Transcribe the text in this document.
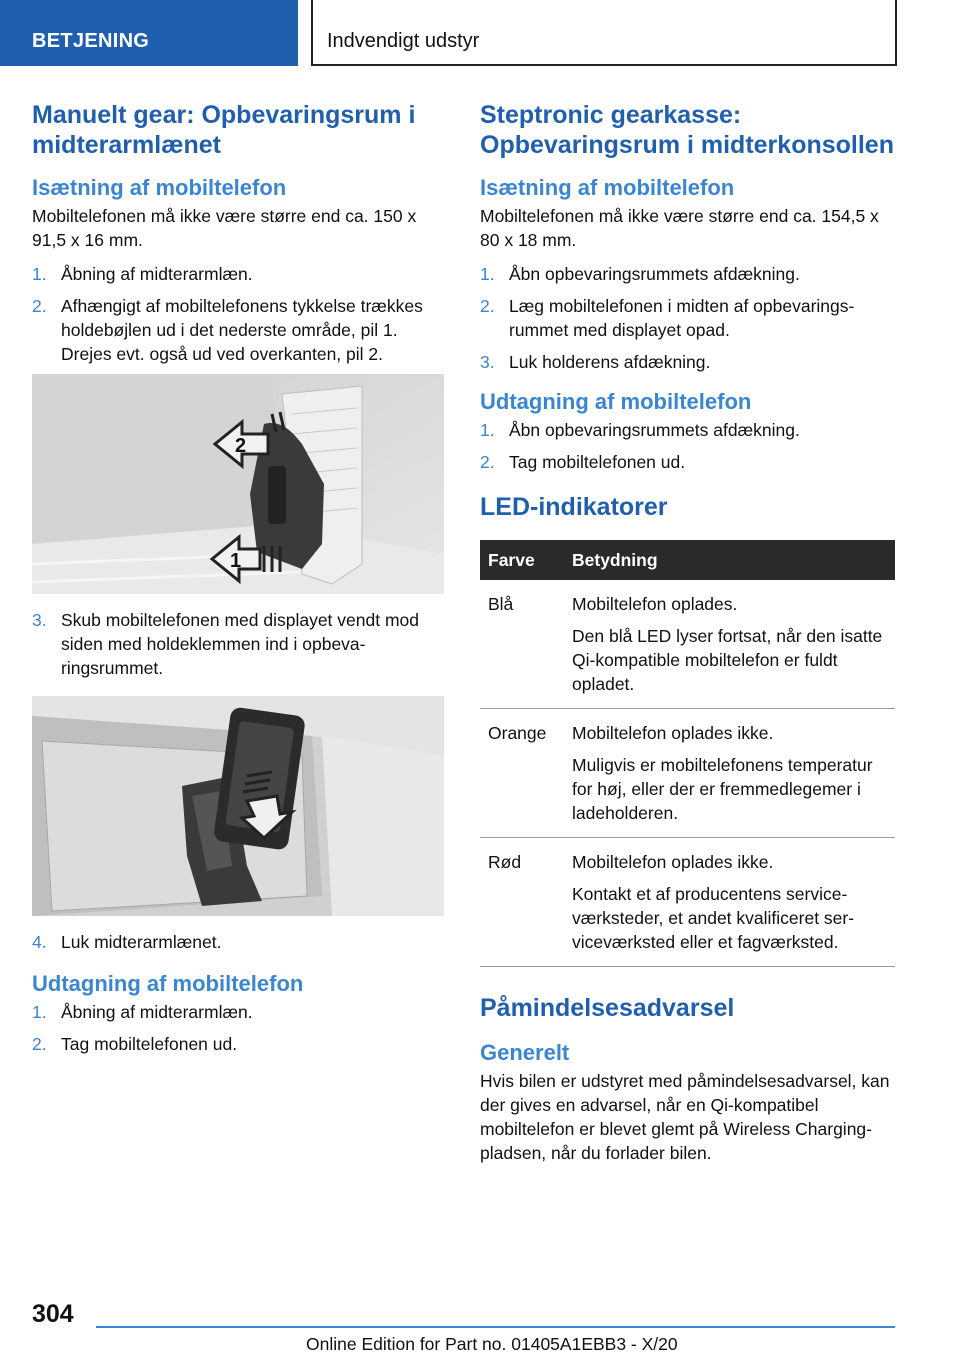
BETJENING	Indvendigt udstyr
Manuelt gear: Opbevaringsrum i midterarmlænet
Isætning af mobiltelefon

Mobiltelefonen må ikke være større end ca. 150 x 91,5 x 16 mm.

1. Åbning af midterarmlæn.
2. Afhængigt af mobiltelefonens tykkelse trækkes holdebøjlen ud i det nederste område, pil 1. Drejes evt. også ud ved overkanten, pil 2.
2
1
3. Skub mobiltelefonen med displayet vendt mod siden med holdeklemmen ind i opbevaringsrummet.
4. Luk midterarmlænet.
Udtagning af mobiltelefon
1. Åbning af midterarmlæn.
2. Tag mobiltelefonen ud.
Steptronic gearkasse: Opbevaringsrum i midterkonsollen
Isætning af mobiltelefon

Mobiltelefonen må ikke være større end ca. 154,5 x 80 x 18 mm.

1. Åbn opbevaringsrummets afdækning.
2. Læg mobiltelefonen i midten af opbevaringsrummet med displayet opad.
3. Luk holderens afdækning.
Udtagning af mobiltelefon
1. Åbn opbevaringsrummets afdækning.
2. Tag mobiltelefonen ud.
LED-indikatorer
Farve	Betydning
Blå	Mobiltelefon oplades.

Den blå LED lyser fortsat, når den isatte Qi-kompatible mobiltelefon er fuldt opladet.

Orange	Mobiltelefon oplades ikke.

Muligvis er mobiltelefonens temperatur for høj, eller der er fremmedlegemer i ladeholderen.

Rød	Mobiltelefon oplades ikke.

Kontakt et af producentens serviceværksteder, et andet kvalificeret serviceværksted eller et fagværksted.

Påmindelsesadvarsel
Generelt

Hvis bilen er udstyret med påmindelsesadvarsel, kan der gives en advarsel, når en Qi-kompatibel mobiltelefon er blevet glemt på Wireless Charging-pladsen, når du forlader bilen.

304
Online Edition for Part no. 01405A1EBB3 - X/20
